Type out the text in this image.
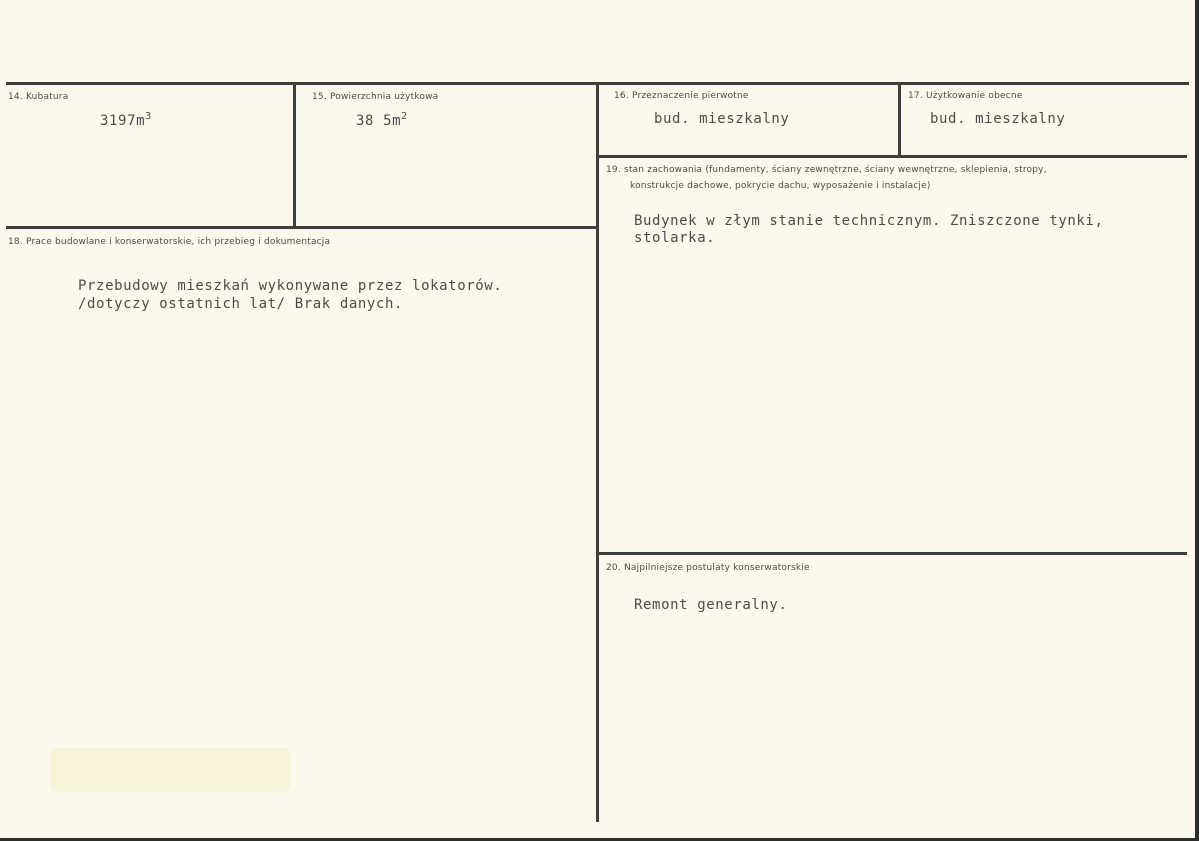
14. Kubatura
$3197m^3$
15. Powierzchnia użytkowa
38 $5m^2$
16. Przeznaczenie pierwotne
bud. mieszkalny
17. Użytkowanie obecne
bud. mieszkalny
18. Prace budowlane i konserwatorskie, ich przebieg i dokumentacja
Przebudowy mieszkań wykonywane przez lokatorów.
/dotyczy ostatnich lat/ Brak danych.
19. stan zachowania (fundamenty, ściany zewnętrzne, ściany wewnętrzne, sklepienia, stropy,
konstrukcje dachowe, pokrycie dachu, wyposażenie i instalacje)
Budynek w złym stanie technicznym. Zniszczone tynki,
stolarka.
20. Najpilniejsze postulaty konserwatorskie
Remont generalny.
